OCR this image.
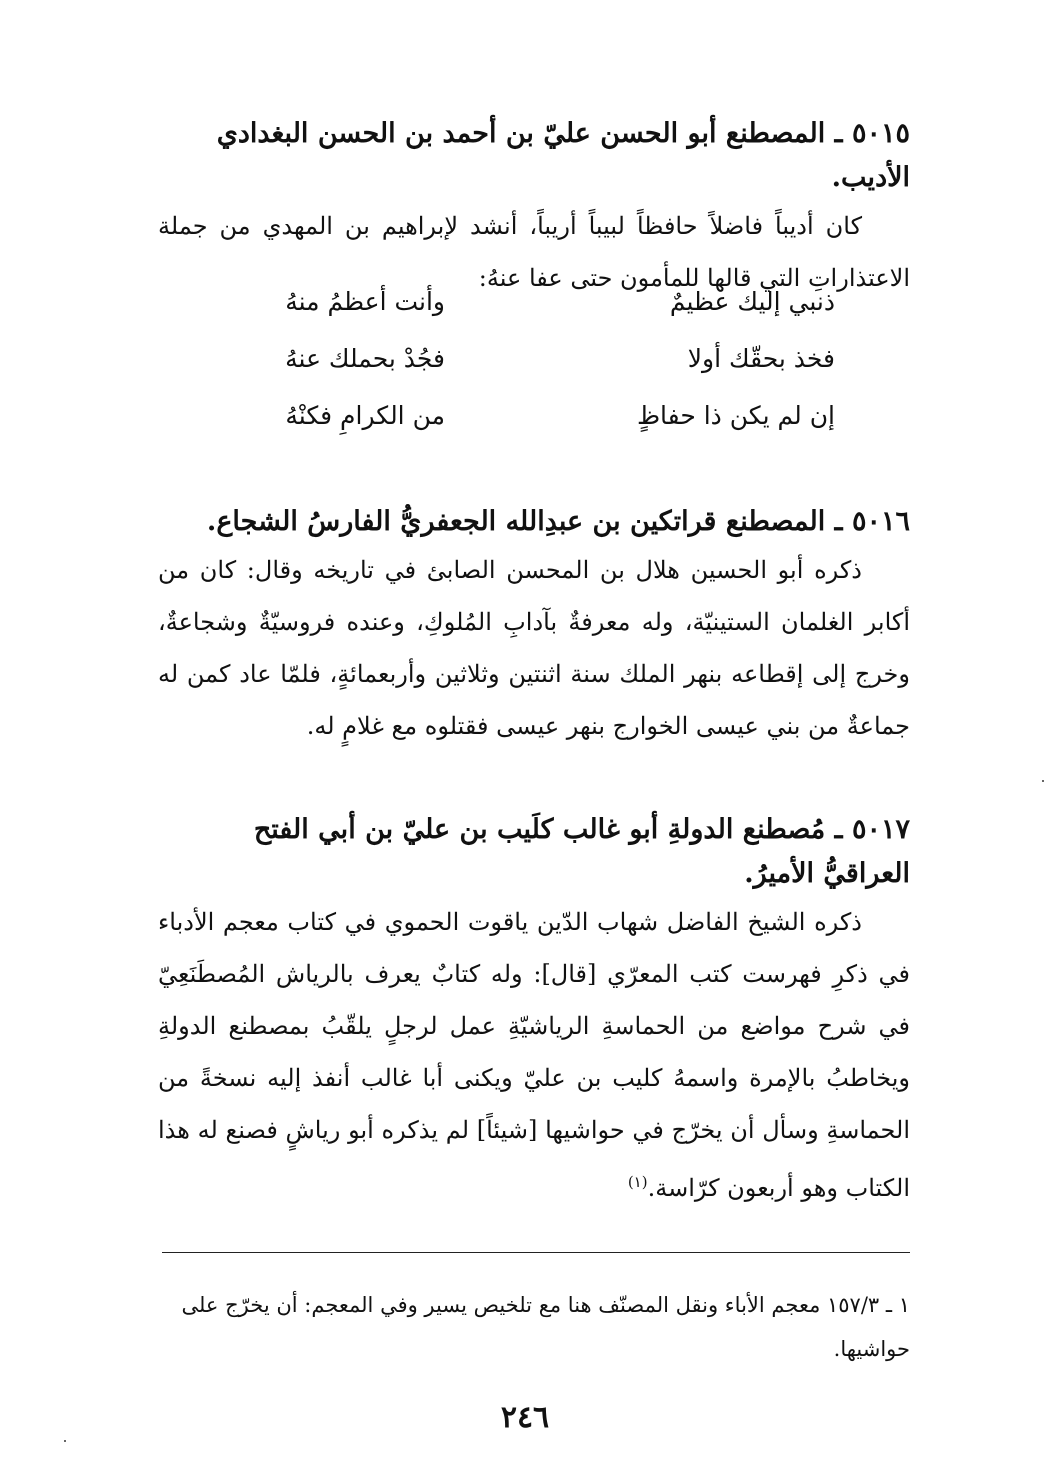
٥٠١٥ ـ المصطنع أبو الحسن عليّ بن أحمد بن الحسن البغدادي الأديب.

كان أديباً فاضلاً حافظاً لبيباً أريباً، أنشد لإبراهيم بن المهدي من جملة الاعتذاراتِ التي قالها للمأمون حتى عفا عنهُ:

ذنبي إليك عظيمٌ
وأنت أعظمُ منهُ
فخذ بحقّك أولا
فجُدْ بحملك عنهُ
إن لم يكن ذا حفاظٍ
من الكرامِ فكنْهُ
٥٠١٦ ـ المصطنع قراتكين بن عبدِالله الجعفريُّ الفارسُ الشجاع.

ذكره أبو الحسين هلال بن المحسن الصابئ في تاريخه وقال: كان من أكابر الغلمان الستينيّة، وله معرفةٌ بآدابِ المُلوكِ، وعنده فروسيّةٌ وشجاعةٌ، وخرج إلى إقطاعه بنهر الملك سنة اثنتين وثلاثين وأربعمائةٍ، فلمّا عاد كمن له جماعةٌ من بني عيسى الخوارج بنهر عيسى فقتلوه مع غلامٍ له.

٥٠١٧ ـ مُصطنع الدولةِ أبو غالب كلَيب بن عليّ بن أبي الفتح العراقيُّ الأميرُ.

ذكره الشيخ الفاضل شهاب الدّين ياقوت الحموي في كتاب معجم الأدباء في ذكرِ فهرست كتب المعرّي [قال]: وله كتابٌ يعرف بالرياش المُصطَنَعِيّ في شرح مواضع من الحماسةِ الرياشيّةِ عمل لرجلٍ يلقّبُ بمصطنع الدولةِ ويخاطبُ بالإمرة واسمهُ كليب بن عليّ ويكنى أبا غالب أنفذ إليه نسخةً من الحماسةِ وسأل أن يخرّج في حواشيها [شيئاً] لم يذكره أبو رياشٍ فصنع له هذا الكتاب وهو أربعون كرّاسة.$^{(١)}$

١ ـ ١٥٧/٣ معجم الأباء ونقل المصنّف هنا مع تلخيص يسير وفي المعجم: أن يخرّج على حواشيها.
٢٤٦
